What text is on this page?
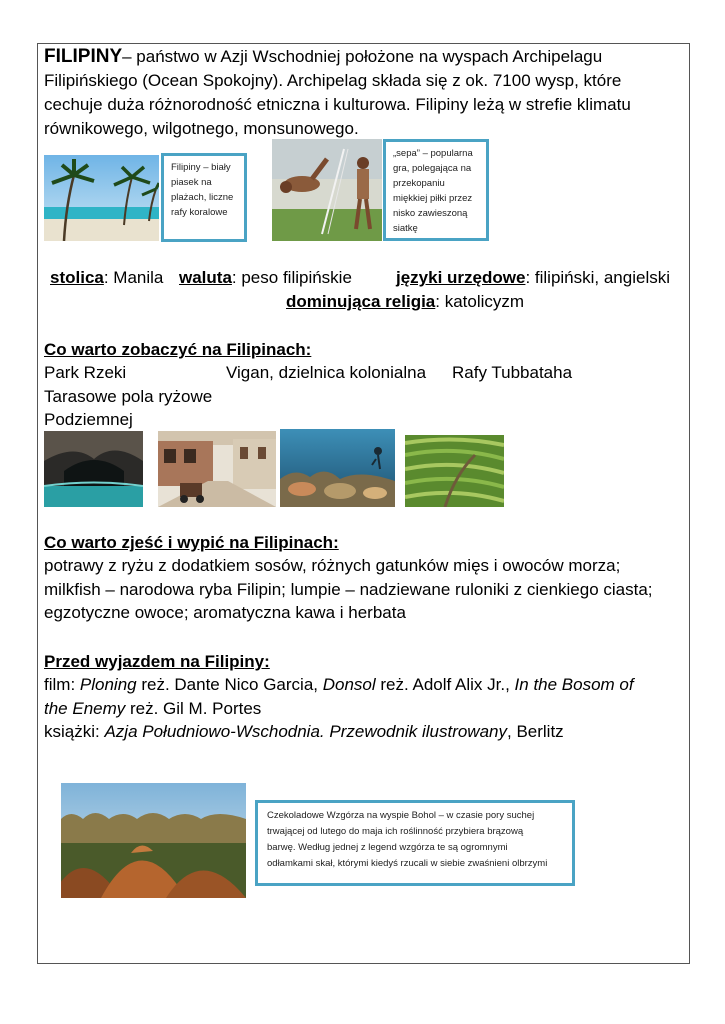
FILIPINY– państwo w Azji Wschodniej położone na wyspach Archipelagu
Filipińskiego (Ocean Spokojny). Archipelag składa się z ok. 7100 wysp, które
cechuje duża różnorodność etniczna i kulturowa. Filipiny leżą w strefie klimatu
równikowego, wilgotnego, monsunowego.
Filipiny – biały
piasek na
plażach, liczne
rafy koralowe
„sepa” – popularna
gra, polegająca na
przekopaniu
miękkiej piłki przez
nisko zawieszoną
siatkę
stolica: Manila waluta: peso filipińskie	języki urzędowe: filipiński, angielski
dominująca religia: katolicyzm
Co warto zobaczyć na Filipinach:
Park Rzeki	Vigan, dzielnica kolonialna Rafy Tubbataha
Tarasowe pola ryżowe
Podziemnej
Co warto zjeść i wypić na Filipinach:
potrawy z ryżu z dodatkiem sosów, różnych gatunków mięs i owoców morza;
milkfish – narodowa ryba Filipin; lumpie – nadziewane ruloniki z cienkiego ciasta;
egzotyczne owoce; aromatyczna kawa i herbata
Przed wyjazdem na Filipiny:
film: Ploning reż. Dante Nico Garcia, Donsol reż. Adolf Alix Jr., In the Bosom of
the Enemy reż. Gil M. Portes
książki: Azja Południowo-Wschodnia. Przewodnik ilustrowany, Berlitz
Czekoladowe Wzgórza na wyspie Bohol – w czasie pory suchej
trwającej od lutego do maja ich roślinność przybiera brązową
barwę. Według jednej z legend wzgórza te są ogromnymi
odłamkami skał, którymi kiedyś rzucali w siebie zwaśnieni olbrzymi
